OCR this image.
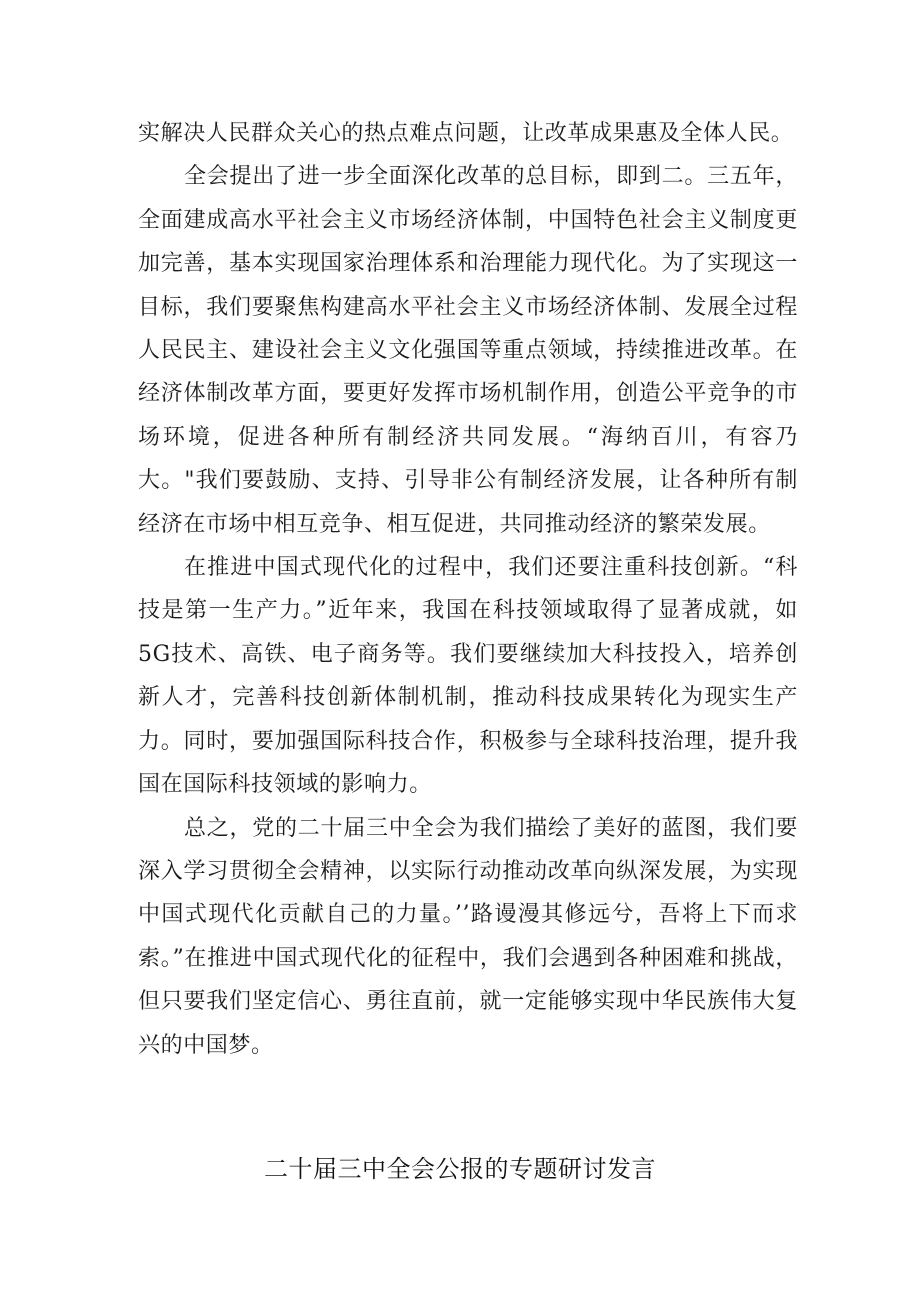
实解决人民群众关心的热点难点问题，让改革成果惠及全体人民。

全会提出了进一步全面深化改革的总目标，即到二。三五年，全面建成高水平社会主义市场经济体制，中国特色社会主义制度更加完善，基本实现国家治理体系和治理能力现代化。为了实现这一目标，我们要聚焦构建高水平社会主义市场经济体制、发展全过程人民民主、建设社会主义文化强国等重点领域，持续推进改革。在经济体制改革方面，要更好发挥市场机制作用，创造公平竞争的市场环境，促进各种所有制经济共同发展。“海纳百川，有容乃大。"我们要鼓励、支持、引导非公有制经济发展，让各种所有制经济在市场中相互竞争、相互促进，共同推动经济的繁荣发展。

在推进中国式现代化的过程中，我们还要注重科技创新。“科技是第一生产力。”近年来，我国在科技领域取得了显著成就，如5G技术、高铁、电子商务等。我们要继续加大科技投入，培养创新人才，完善科技创新体制机制，推动科技成果转化为现实生产力。同时，要加强国际科技合作，积极参与全球科技治理，提升我国在国际科技领域的影响力。

总之，党的二十届三中全会为我们描绘了美好的蓝图，我们要深入学习贯彻全会精神，以实际行动推动改革向纵深发展，为实现中国式现代化贡献自己的力量。’’路谩漫其修远兮，吾将上下而求索。”在推进中国式现代化的征程中，我们会遇到各种困难和挑战，但只要我们坚定信心、勇往直前，就一定能够实现中华民族伟大复兴的中国梦。

二十届三中全会公报的专题研讨发言
